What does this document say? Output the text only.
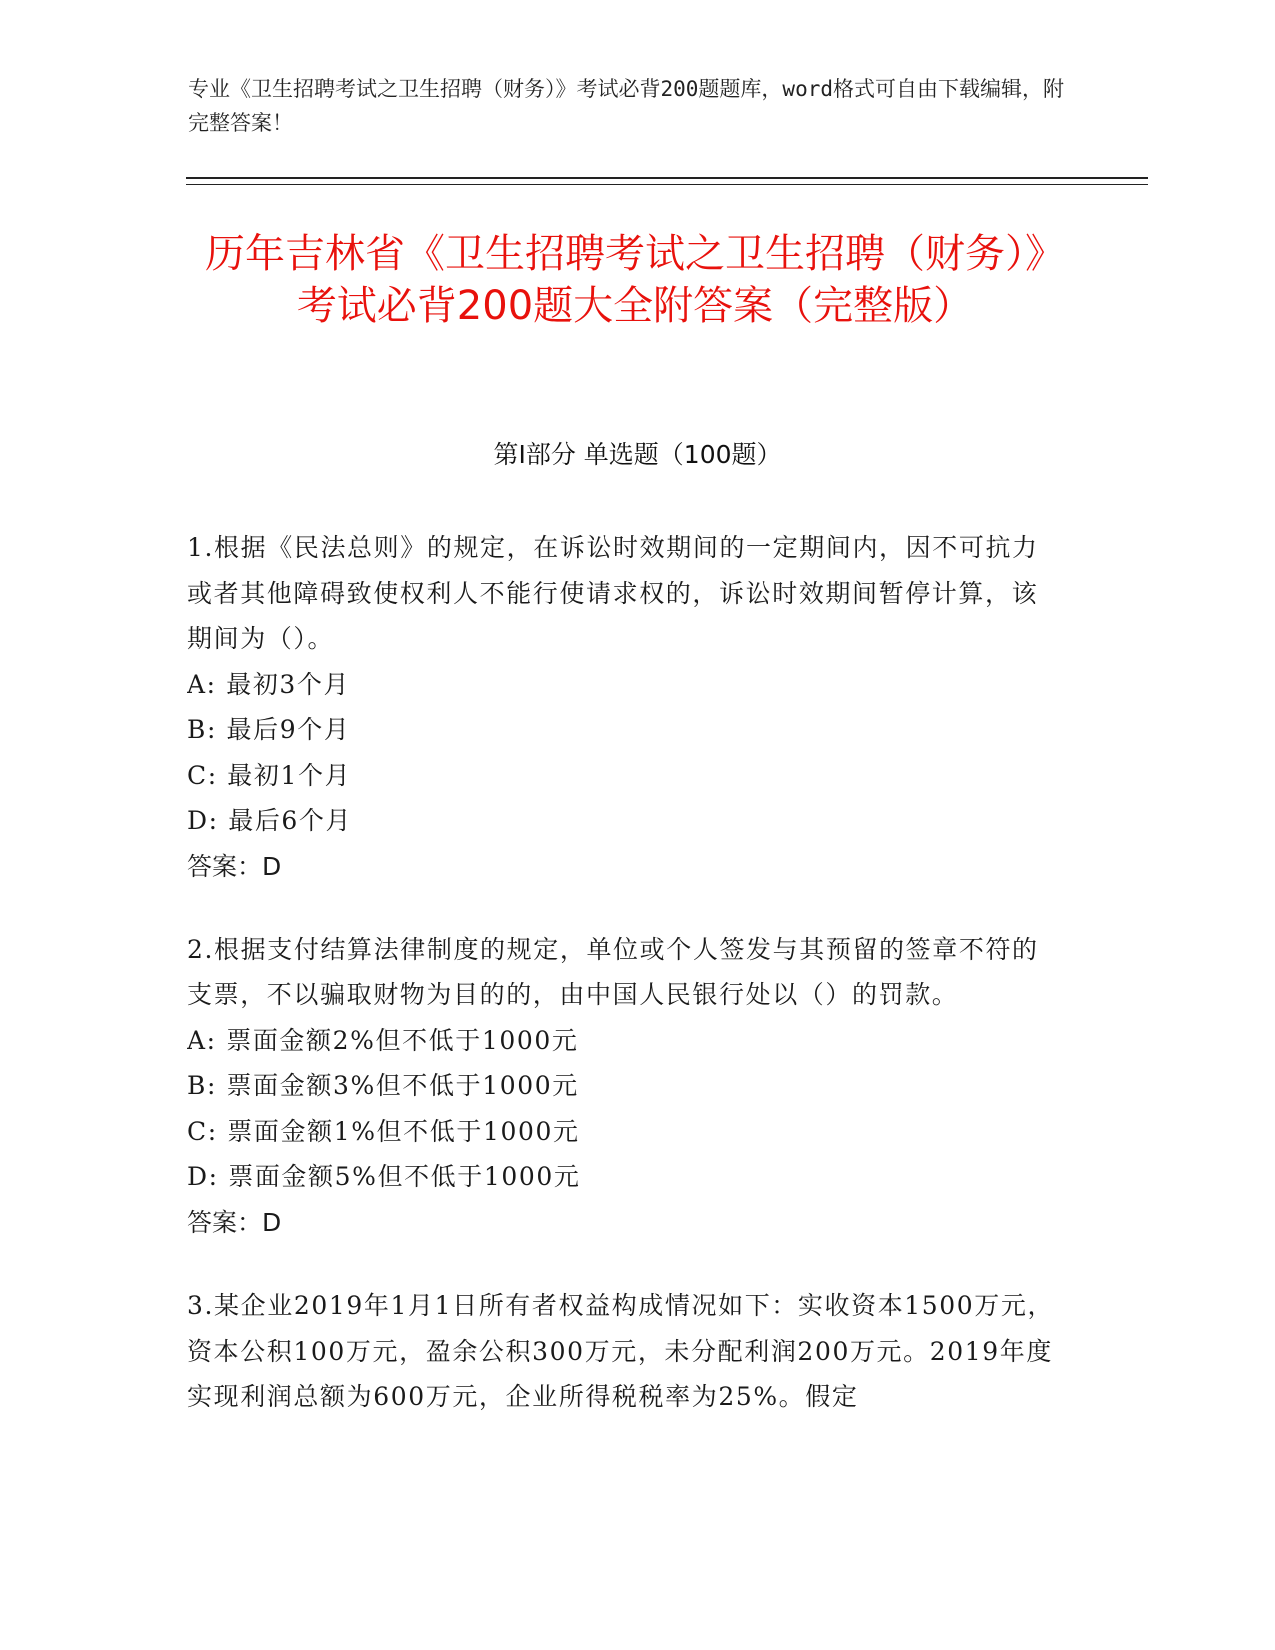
专业《卫生招聘考试之卫生招聘（财务）》考试必背200题题库，word格式可自由下载编辑，附完整答案！
历年吉林省《卫生招聘考试之卫生招聘（财务）》考试必背200题大全附答案（完整版）
第I部分 单选题（100题）

1.根据《民法总则》的规定，在诉讼时效期间的一定期间内，因不可抗力或者其他障碍致使权利人不能行使请求权的，诉讼时效期间暂停计算，该期间为（）。

A: 最初3个月

B: 最后9个月

C: 最初1个月

D: 最后6个月

答案：D

2.根据支付结算法律制度的规定，单位或个人签发与其预留的签章不符的支票，不以骗取财物为目的的，由中国人民银行处以（）的罚款。

A: 票面金额2%但不低于1000元

B: 票面金额3%但不低于1000元

C: 票面金额1%但不低于1000元

D: 票面金额5%但不低于1000元

答案：D

3.某企业2019年1月1日所有者权益构成情况如下：实收资本1500万元，资本公积100万元，盈余公积300万元，未分配利润200万元。2019年度实现利润总额为600万元，企业所得税税率为25%。假定
